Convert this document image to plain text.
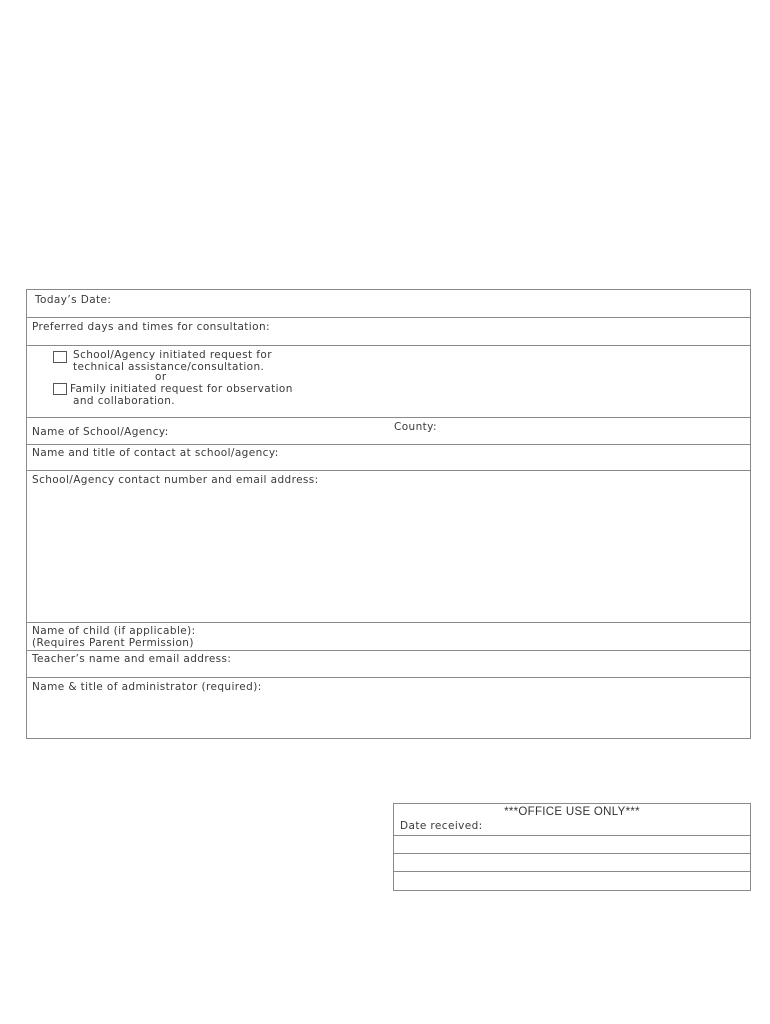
Today’s Date:
Preferred days and times for consultation:
School/Agency initiated request for
technical assistance/consultation.
or
Family initiated request for observation
and collaboration.
Name of School/Agency:	County:
Name and title of contact at school/agency:
School/Agency contact number and email address:
Name of child (if applicable):
(Requires Parent Permission)
Teacher’s name and email address:
Name & title of administrator (required):
***OFFICE USE ONLY***
Date received:
